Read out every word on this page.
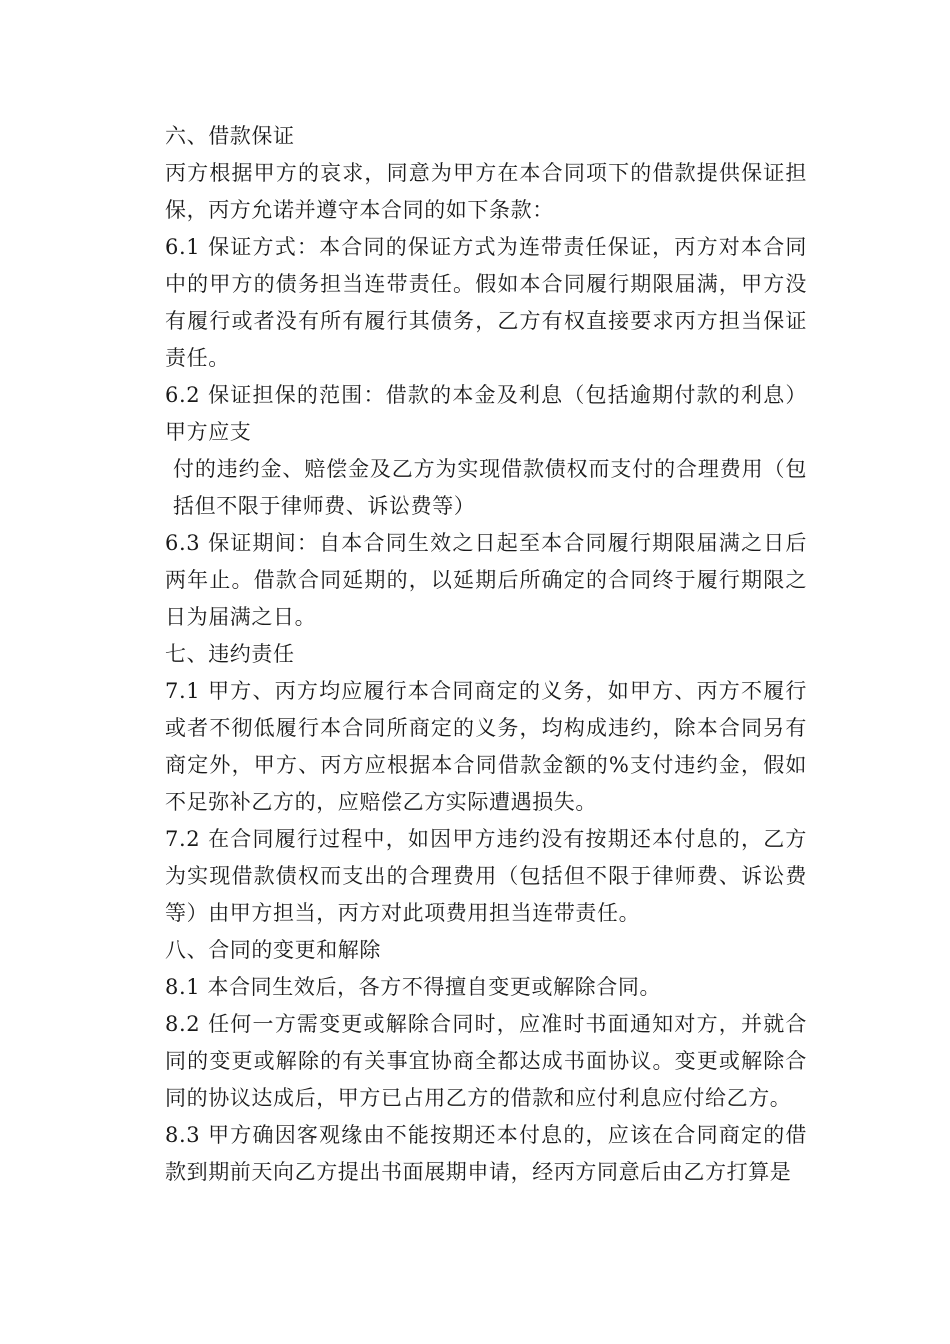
六、借款保证

丙方根据甲方的哀求，同意为甲方在本合同项下的借款提供保证担保，丙方允诺并遵守本合同的如下条款：

6.1 保证方式：本合同的保证方式为连带责任保证，丙方对本合同中的甲方的债务担当连带责任。假如本合同履行期限届满，甲方没有履行或者没有所有履行其债务，乙方有权直接要求丙方担当保证责任。

6.2 保证担保的范围：借款的本金及利息（包括逾期付款的利息）甲方应支

付的违约金、赔偿金及乙方为实现借款债权而支付的合理费用（包括但不限于律师费、诉讼费等）

6.3 保证期间：自本合同生效之日起至本合同履行期限届满之日后两年止。借款合同延期的，以延期后所确定的合同终于履行期限之日为届满之日。

七、违约责任

7.1 甲方、丙方均应履行本合同商定的义务，如甲方、丙方不履行或者不彻低履行本合同所商定的义务，均构成违约，除本合同另有商定外，甲方、丙方应根据本合同借款金额的%支付违约金，假如不足弥补乙方的，应赔偿乙方实际遭遇损失。

7.2 在合同履行过程中，如因甲方违约没有按期还本付息的，乙方为实现借款债权而支出的合理费用（包括但不限于律师费、诉讼费等）由甲方担当，丙方对此项费用担当连带责任。

八、合同的变更和解除

8.1 本合同生效后，各方不得擅自变更或解除合同。

8.2 任何一方需变更或解除合同时，应准时书面通知对方，并就合同的变更或解除的有关事宜协商全都达成书面协议。变更或解除合同的协议达成后，甲方已占用乙方的借款和应付利息应付给乙方。

8.3 甲方确因客观缘由不能按期还本付息的，应该在合同商定的借款到期前天向乙方提出书面展期申请，经丙方同意后由乙方打算是
